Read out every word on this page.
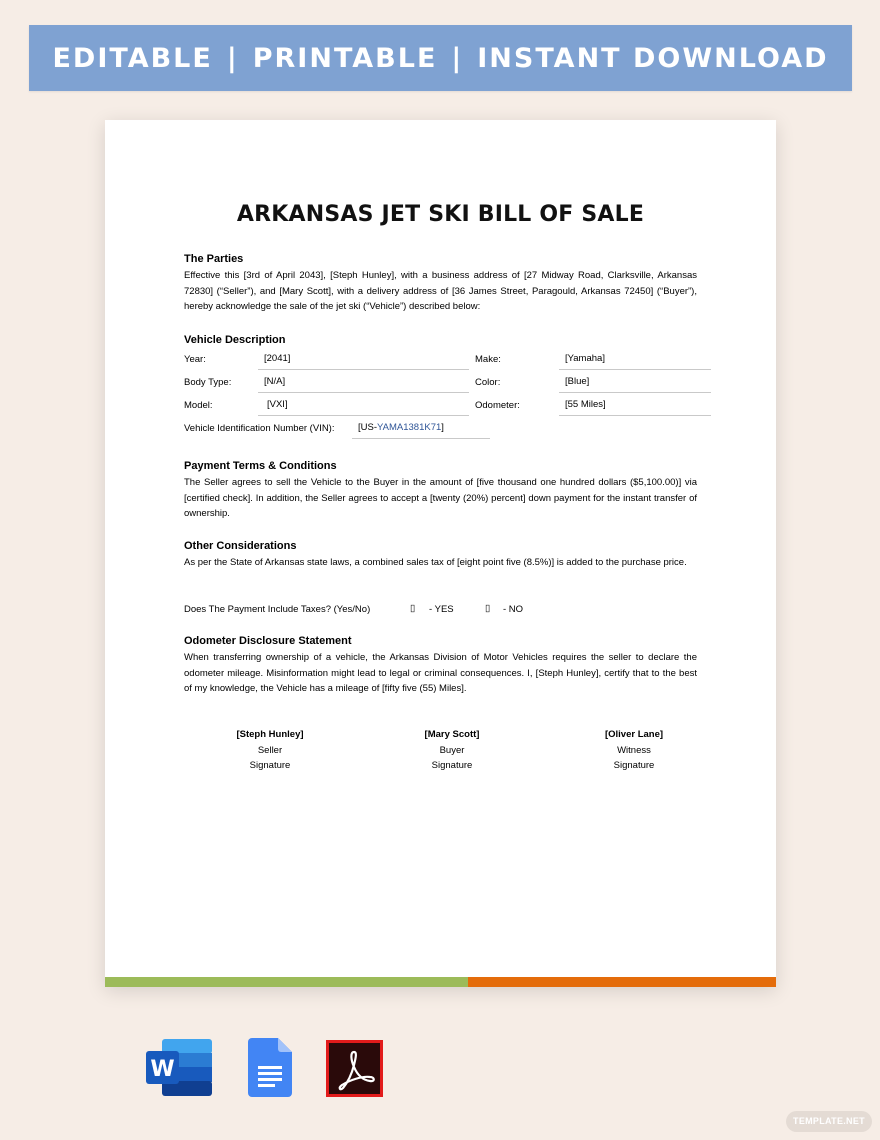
EDITABLE | PRINTABLE | INSTANT DOWNLOAD
ARKANSAS JET SKI BILL OF SALE
The Parties
Effective this [3rd of April 2043], [Steph Hunley], with a business address of [27 Midway Road, Clarksville, Arkansas 72830] (“Seller”), and [Mary Scott], with a delivery address of [36 James Street, Paragould, Arkansas 72450] (“Buyer”), hereby acknowledge the sale of the jet ski (“Vehicle”) described below:
Vehicle Description
Year:	[2041]	Make:	[Yamaha]
Body Type:	[N/A]	Color:	[Blue]
Model:	[VXI]	Odometer:	[55 Miles]
Vehicle Identification Number (VIN):	[US-YAMA1381K71]
Payment Terms & Conditions
The Seller agrees to sell the Vehicle to the Buyer in the amount of [five thousand one hundred dollars ($5,100.00)] via [certified check]. In addition, the Seller agrees to accept a [twenty (20%) percent] down payment for the instant transfer of ownership.
Other Considerations
As per the State of Arkansas state laws, a combined sales tax of [eight point five (8.5%)] is added to the purchase price.
Does The Payment Include Taxes? (Yes/No)	▯ - YES	▯ - NO
Odometer Disclosure Statement
When transferring ownership of a vehicle, the Arkansas Division of Motor Vehicles requires the seller to declare the odometer mileage. Misinformation might lead to legal or criminal consequences. I, [Steph Hunley], certify that to the best of my knowledge, the Vehicle has a mileage of [fifty five (55) Miles].
[Steph Hunley]
Seller
Signature
[Mary Scott]
Buyer
Signature
[Oliver Lane]
Witness
Signature
W
TEMPLATE.NET
